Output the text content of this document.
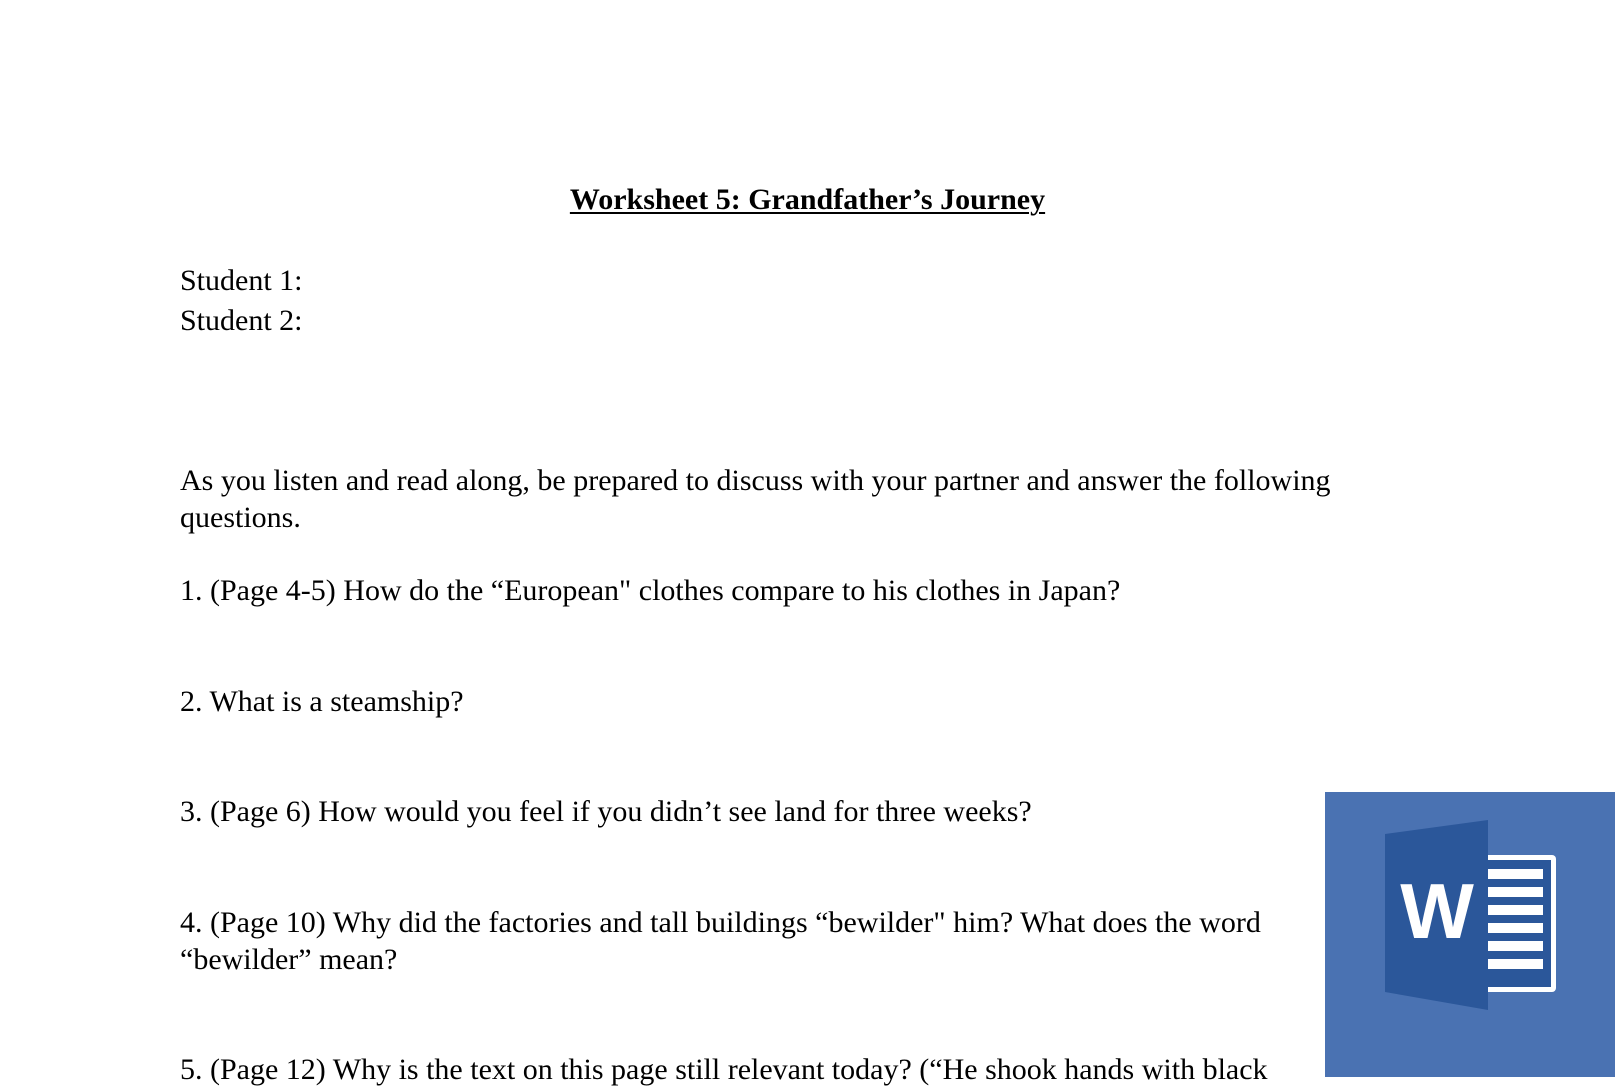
Worksheet 5: Grandfather’s Journey
Student 1:
Student 2:
As you listen and read along, be prepared to discuss with your partner and answer the following
questions.
1. (Page 4-5) How do the “European" clothes compare to his clothes in Japan?
2. What is a steamship?
3. (Page 6) How would you feel if you didn’t see land for three weeks?
4. (Page 10) Why did the factories and tall buildings “bewilder" him? What does the word
“bewilder” mean?
5. (Page 12) Why is the text on this page still relevant today? (“He shook hands with black
W
